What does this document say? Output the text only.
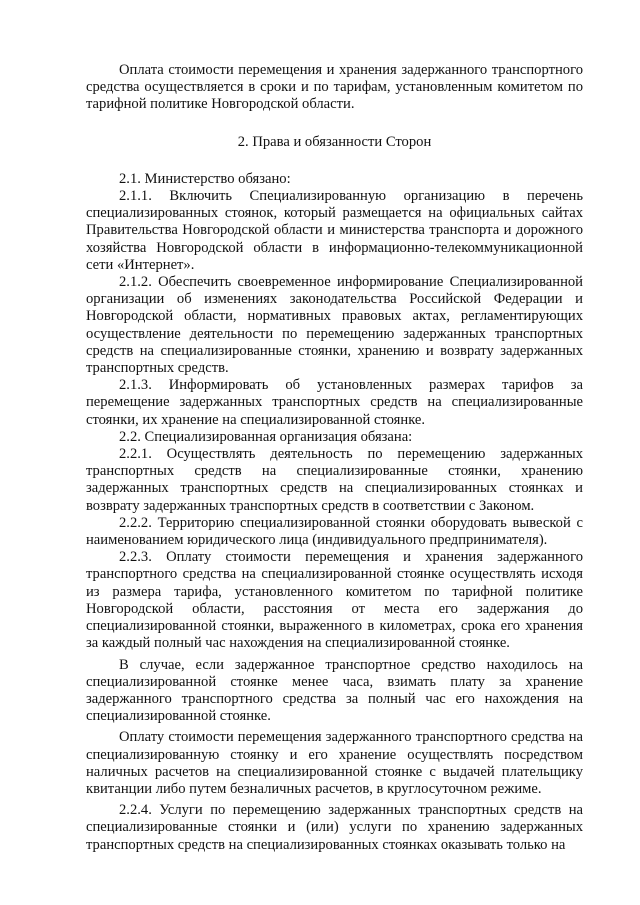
Оплата стоимости перемещения и хранения задержанного транспортного средства осуществляется в сроки и по тарифам, установленным комитетом по тарифной политике Новгородской области.

2. Права и обязанности Сторон

2.1. Министерство обязано:

2.1.1. Включить Специализированную организацию в перечень специализированных стоянок, который размещается на официальных сайтах Правительства Новгородской области и министерства транспорта и дорожного хозяйства Новгородской области в информационно-телекоммуникационной сети «Интернет».

2.1.2. Обеспечить своевременное информирование Специализированной организации об изменениях законодательства Российской Федерации и Новгородской области, нормативных правовых актах, регламентирующих осуществление деятельности по перемещению задержанных транспортных средств на специализированные стоянки, хранению и возврату задержанных транспортных средств.

2.1.3. Информировать об установленных размерах тарифов за перемещение задержанных транспортных средств на специализированные стоянки, их хранение на специализированной стоянке.

2.2. Специализированная организация обязана:

2.2.1. Осуществлять деятельность по перемещению задержанных транспортных средств на специализированные стоянки, хранению задержанных транспортных средств на специализированных стоянках и возврату задержанных транспортных средств в соответствии с Законом.

2.2.2. Территорию специализированной стоянки оборудовать вывеской с наименованием юридического лица (индивидуального предпринимателя).

2.2.3. Оплату стоимости перемещения и хранения задержанного транспортного средства на специализированной стоянке осуществлять исходя из размера тарифа, установленного комитетом по тарифной политике Новгородской области, расстояния от места его задержания до специализированной стоянки, выраженного в километрах, срока его хранения за каждый полный час нахождения на специализированной стоянке.

В случае, если задержанное транспортное средство находилось на специализированной стоянке менее часа, взимать плату за хранение задержанного транспортного средства за полный час его нахождения на специализированной стоянке.

Оплату стоимости перемещения задержанного транспортного средства на специализированную стоянку и его хранение осуществлять посредством наличных расчетов на специализированной стоянке с выдачей плательщику квитанции либо путем безналичных расчетов, в круглосуточном режиме.

2.2.4. Услуги по перемещению задержанных транспортных средств на специализированные стоянки и (или) услуги по хранению задержанных транспортных средств на специализированных стоянках оказывать только на
